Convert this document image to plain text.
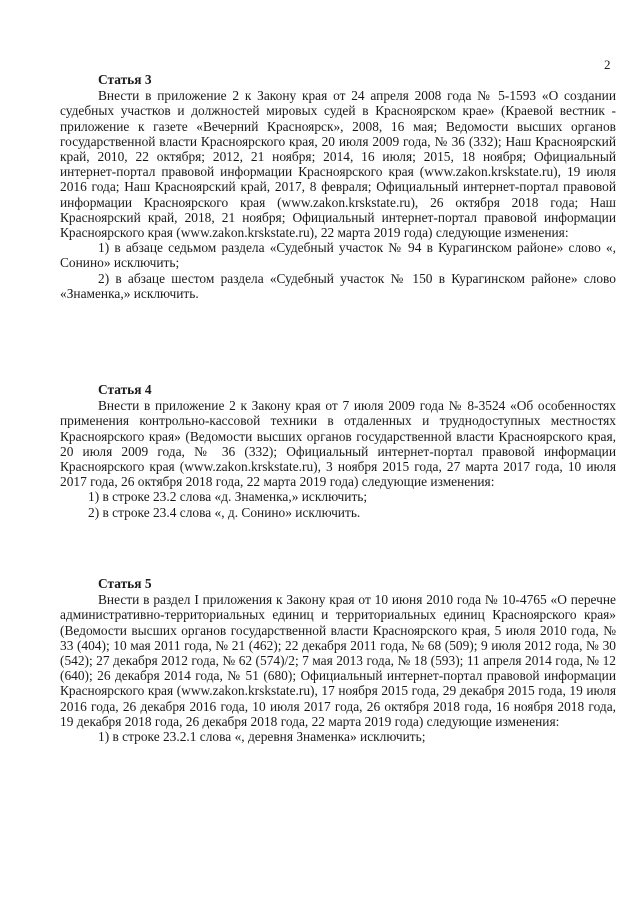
2
Статья 3
Внести в приложение 2 к Закону края от 24 апреля 2008 года № 5-1593 «О создании судебных участков и должностей мировых судей в Красноярском крае» (Краевой вестник - приложение к газете «Вечерний Красноярск», 2008, 16 мая; Ведомости высших органов государственной власти Красноярского края, 20 июля 2009 года, № 36 (332); Наш Красноярский край, 2010, 22 октября; 2012, 21 ноября; 2014, 16 июля; 2015, 18 ноября; Официальный интернет-портал правовой информации Красноярского края (www.zakon.krskstate.ru), 19 июля 2016 года; Наш Красноярский край, 2017, 8 февраля; Официальный интернет-портал правовой информации Красноярского края (www.zakon.krskstate.ru), 26 октября 2018 года; Наш Красноярский край, 2018, 21 ноября; Официальный интернет-портал правовой информации Красноярского края (www.zakon.krskstate.ru), 22 марта 2019 года) следующие изменения:
1) в абзаце седьмом раздела «Судебный участок № 94 в Курагинском районе» слово «, Сонино» исключить;
2) в абзаце шестом раздела «Судебный участок № 150 в Курагинском районе» слово «Знаменка,» исключить.
Статья 4
Внести в приложение 2 к Закону края от 7 июля 2009 года № 8-3524 «Об особенностях применения контрольно-кассовой техники в отдаленных и труднодоступных местностях Красноярского края» (Ведомости высших органов государственной власти Красноярского края, 20 июля 2009 года, № 36 (332); Официальный интернет-портал правовой информации Красноярского края (www.zakon.krskstate.ru), 3 ноября 2015 года, 27 марта 2017 года, 10 июля 2017 года, 26 октября 2018 года, 22 марта 2019 года) следующие изменения:
1) в строке 23.2 слова «д. Знаменка,» исключить;
2) в строке 23.4 слова «, д. Сонино» исключить.
Статья 5
Внести в раздел I приложения к Закону края от 10 июня 2010 года № 10-4765 «О перечне административно-территориальных единиц и территориальных единиц Красноярского края» (Ведомости высших органов государственной власти Красноярского края, 5 июля 2010 года, № 33 (404); 10 мая 2011 года, № 21 (462); 22 декабря 2011 года, № 68 (509); 9 июля 2012 года, № 30 (542); 27 декабря 2012 года, № 62 (574)/2; 7 мая 2013 года, № 18 (593); 11 апреля 2014 года, № 12 (640); 26 декабря 2014 года, № 51 (680); Официальный интернет-портал правовой информации Красноярского края (www.zakon.krskstate.ru), 17 ноября 2015 года, 29 декабря 2015 года, 19 июля 2016 года, 26 декабря 2016 года, 10 июля 2017 года, 26 октября 2018 года, 16 ноября 2018 года, 19 декабря 2018 года, 26 декабря 2018 года, 22 марта 2019 года) следующие изменения:
1) в строке 23.2.1 слова «, деревня Знаменка» исключить;
